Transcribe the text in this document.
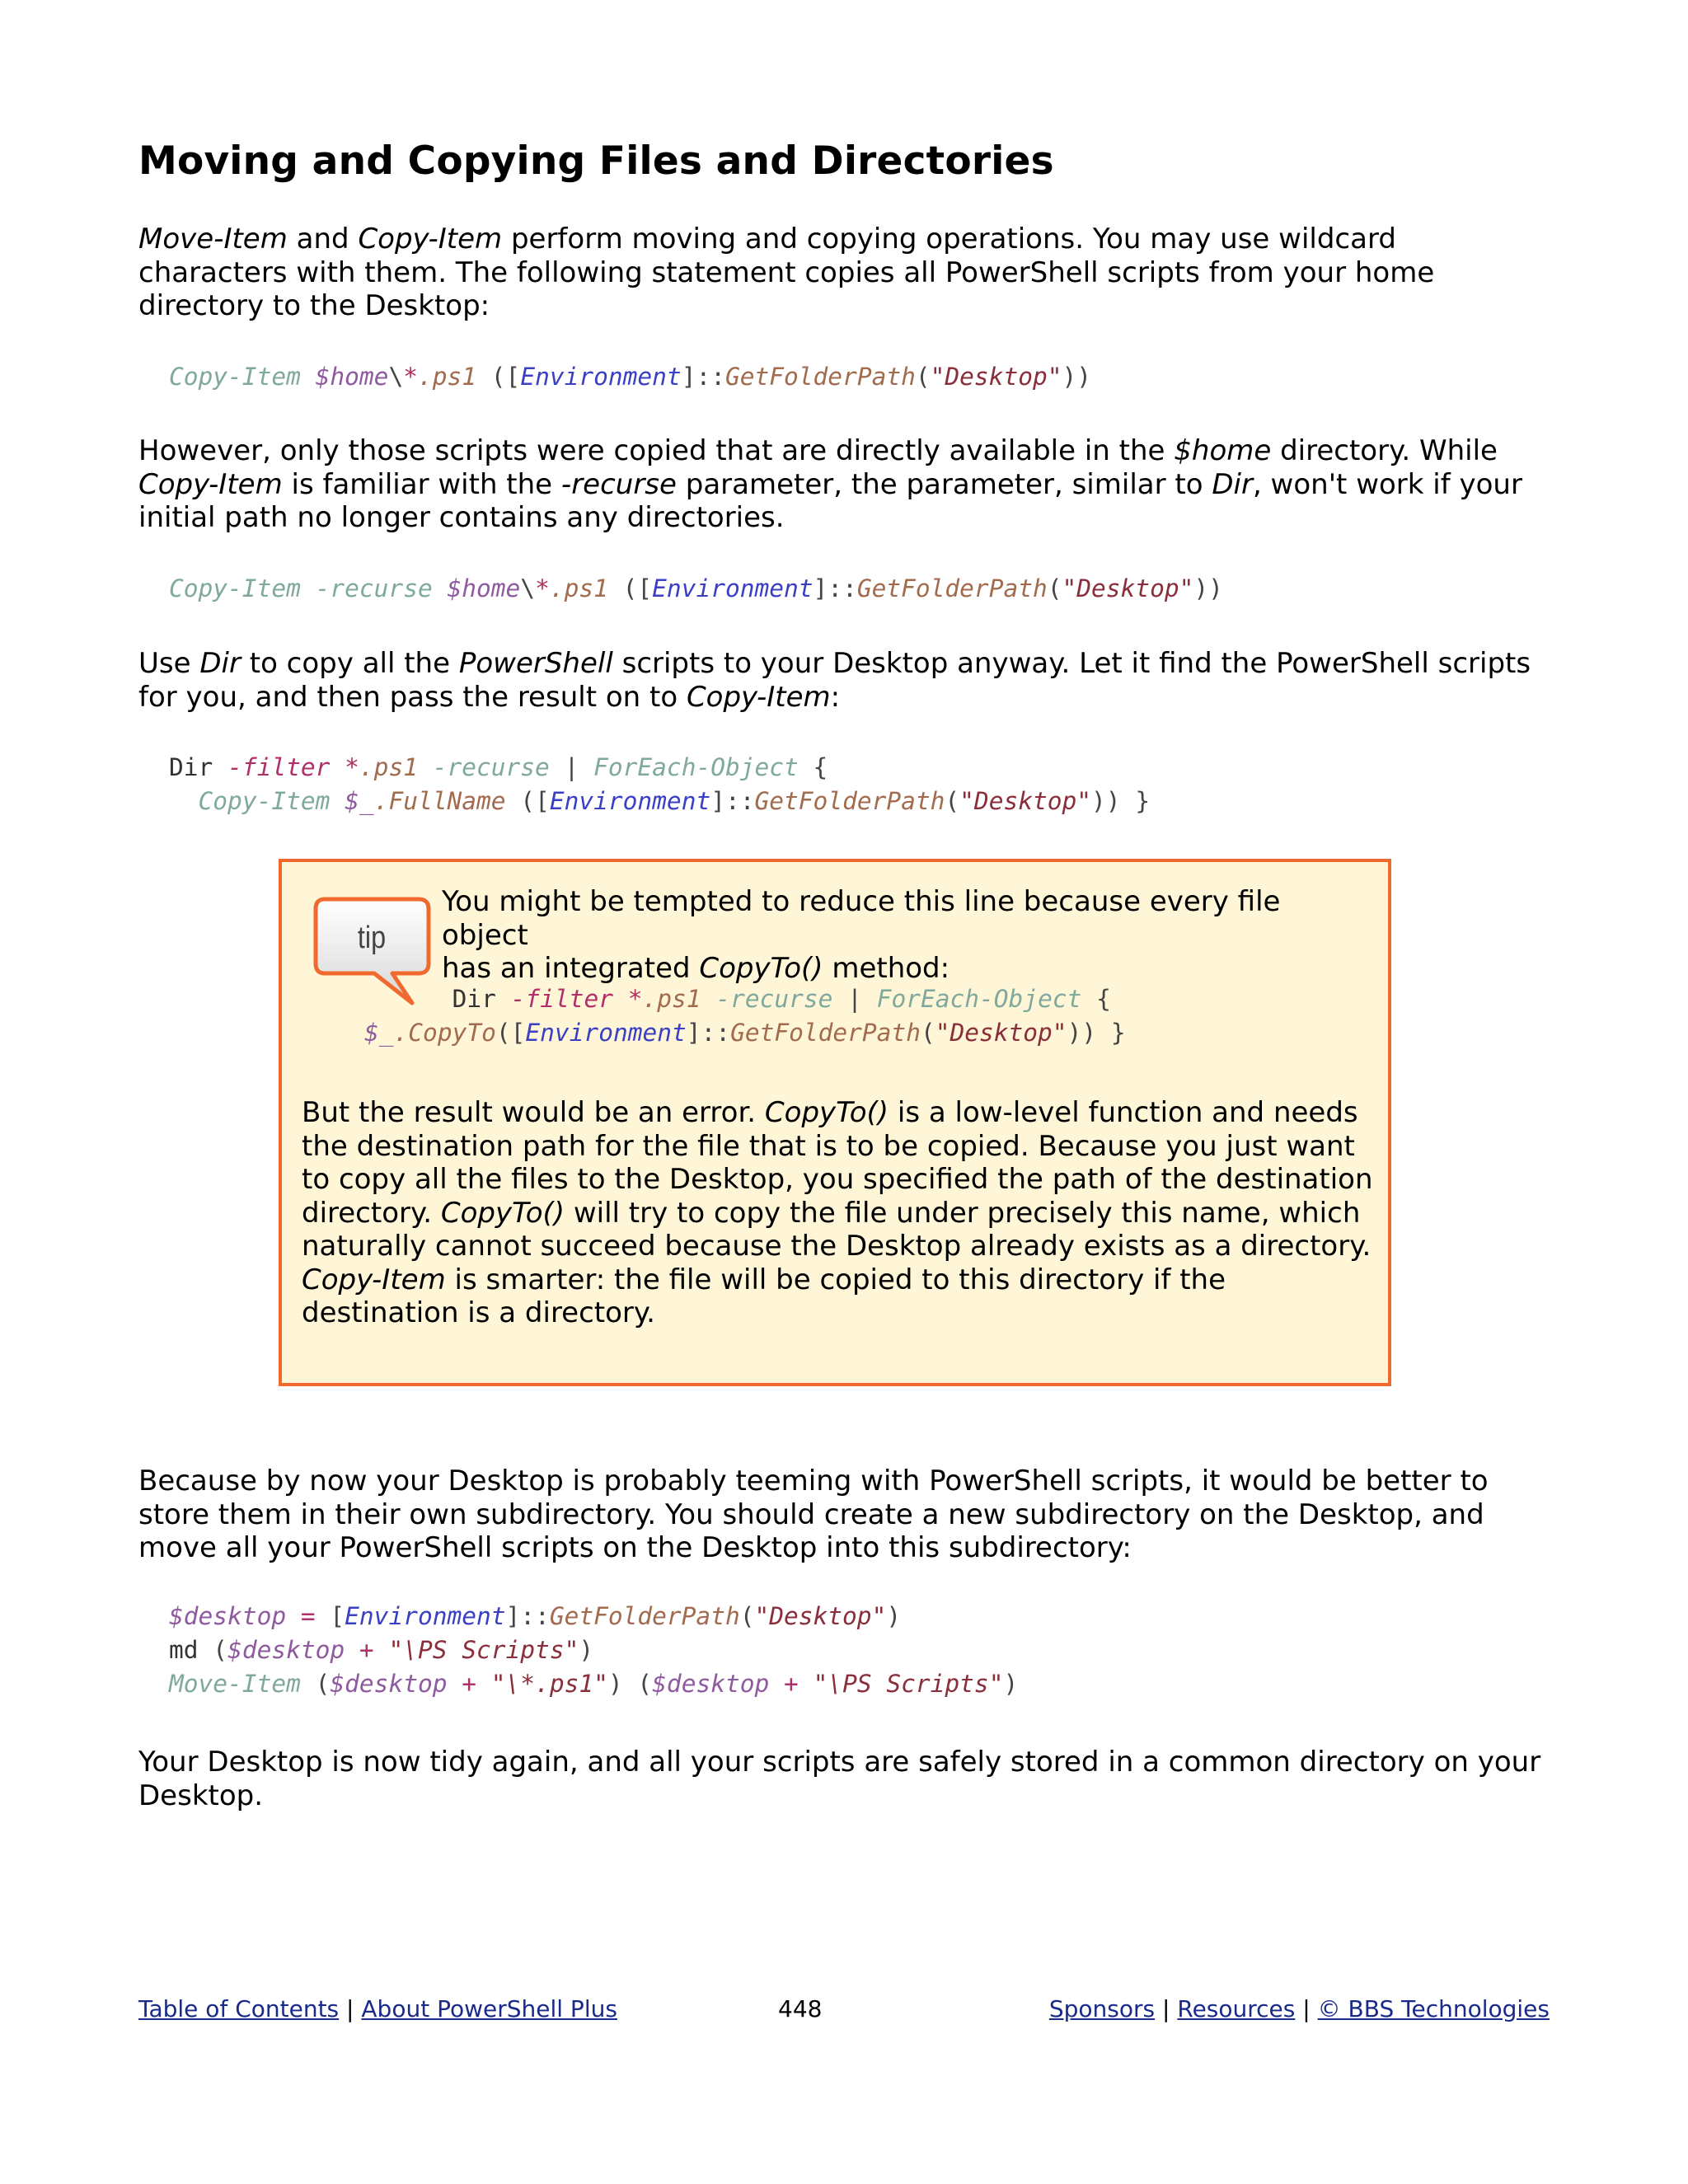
Moving and Copying Files and Directories

Move-Item and Copy-Item perform moving and copying operations. You may use wildcard characters with them. The following statement copies all PowerShell scripts from your home directory to the Desktop:

Copy-Item $home\*.ps1 ([Environment]::GetFolderPath("Desktop"))

However, only those scripts were copied that are directly available in the $home directory. While Copy-Item is familiar with the -recurse parameter, the parameter, similar to Dir, won't work if your initial path no longer contains any directories.

Copy-Item -recurse $home\*.ps1 ([Environment]::GetFolderPath("Desktop"))

Use Dir to copy all the PowerShell scripts to your Desktop anyway. Let it find the PowerShell scripts for you, and then pass the result on to Copy-Item:

Dir -filter *.ps1 -recurse | ForEach-Object {
Copy-Item $_.FullName ([Environment]::GetFolderPath("Desktop")) }

Because by now your Desktop is probably teeming with PowerShell scripts, it would be better to store them in their own subdirectory. You should create a new subdirectory on the Desktop, and move all your PowerShell scripts on the Desktop into this subdirectory:

$desktop = [Environment]::GetFolderPath("Desktop")
md ($desktop + "\PS Scripts")
Move-Item ($desktop + "\*.ps1") ($desktop + "\PS Scripts")

Your Desktop is now tidy again, and all your scripts are safely stored in a common directory on your Desktop.

tip

You might be tempted to reduce this line because every file object
has an integrated CopyTo() method:

Dir -filter *.ps1 -recurse | ForEach-Object {
$_.CopyTo([Environment]::GetFolderPath("Desktop")) }

But the result would be an error. CopyTo() is a low-level function and needs the destination path for the file that is to be copied. Because you just want to copy all the files to the Desktop, you specified the path of the destination directory. CopyTo() will try to copy the file under precisely this name, which naturally cannot succeed because the Desktop already exists as a directory. Copy-Item is smarter: the file will be copied to this directory if the destination is a directory.

Table of Contents | About PowerShell Plus	448	Sponsors | Resources | © BBS Technologies
